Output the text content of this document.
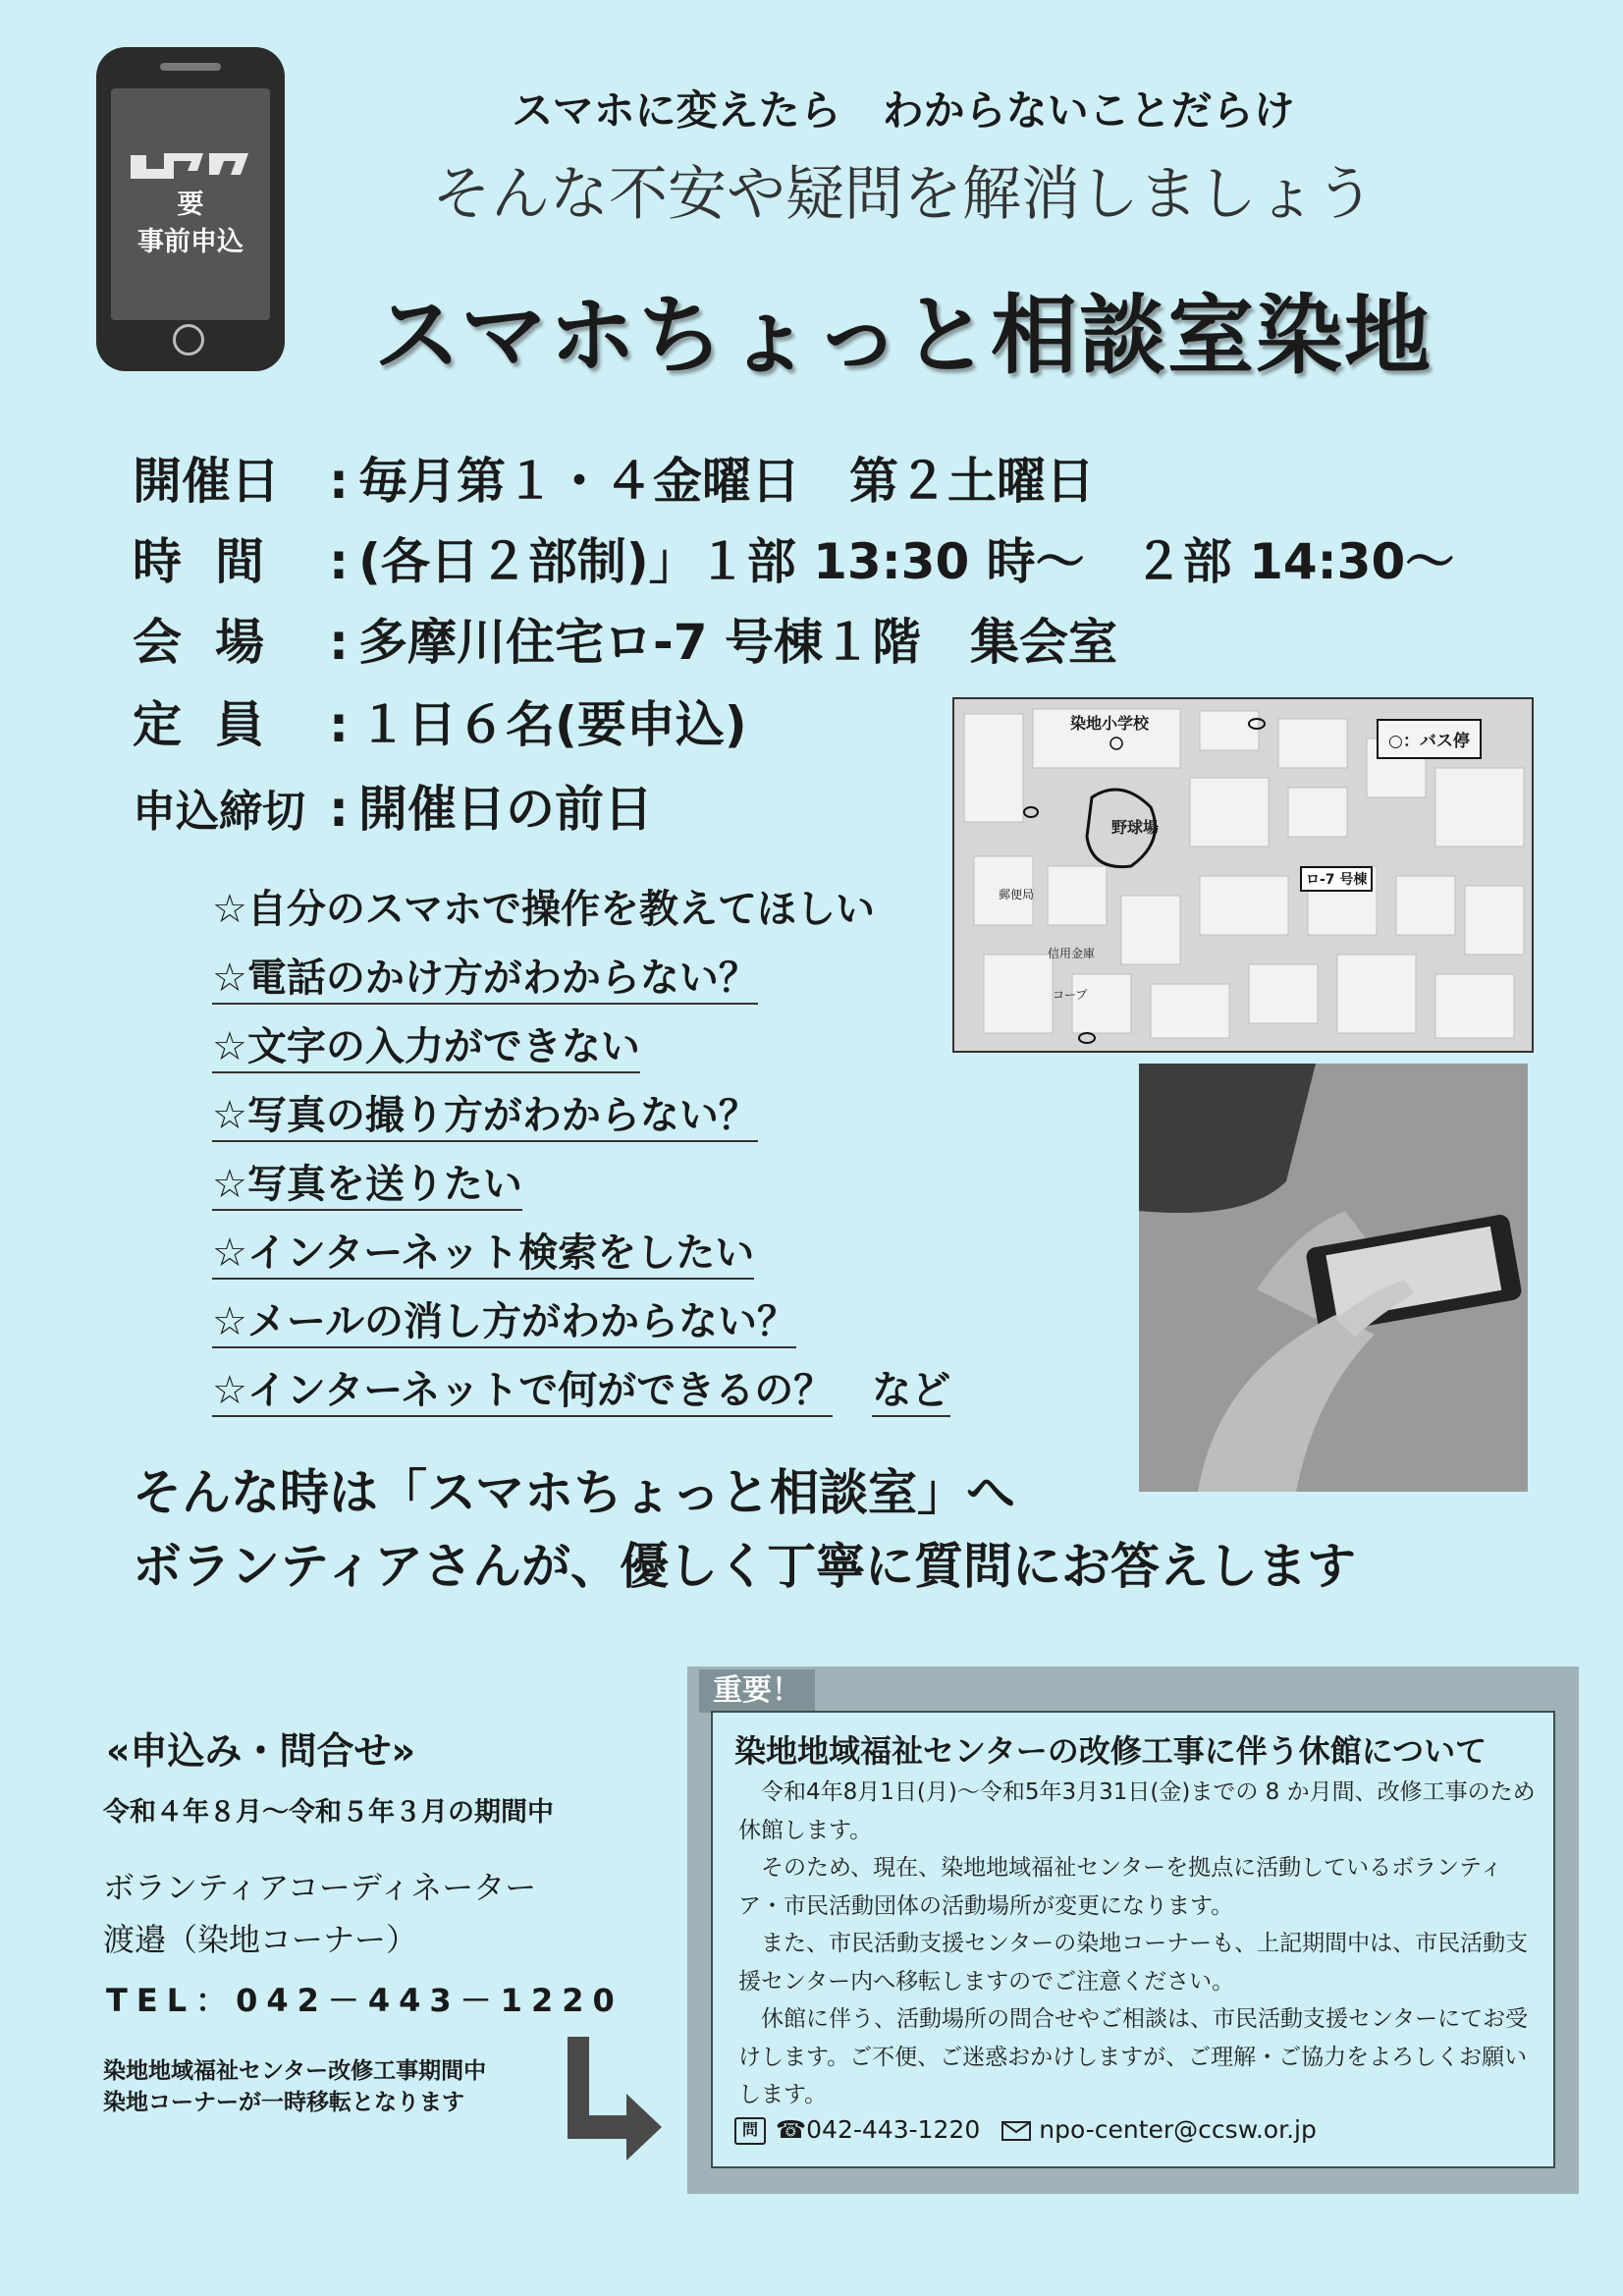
要
事前申込
スマホに変えたら　わからないことだらけ
そんな不安や疑問を解消しましょう
スマホちょっと相談室染地
開催日 : 毎月第１・４金曜日　第２土曜日
時間 : (各日２部制)」１部 13:30 時～　２部 14:30～
会場 : 多摩川住宅ロ-7 号棟１階　集会室
定員 : １日６名(要申込)
申込締切 : 開催日の前日
染地小学校
野球場
ロ-7 号棟
郵便局
信用金庫
コープ
○：バス停
☆自分のスマホで操作を教えてほしい
☆電話のかけ方がわからない？
☆文字の入力ができない
☆写真の撮り方がわからない？
☆写真を送りたい
☆インターネット検索をしたい
☆メールの消し方がわからない？
☆インターネットで何ができるの？ など
そんな時は「スマホちょっと相談室」へ
ボランティアさんが、優しく丁寧に質問にお答えします
«申込み・問合せ»
令和４年８月～令和５年３月の期間中
ボランティアコーディネーター
渡邉（染地コーナー）
TEL：042－443－1220
染地地域福祉センター改修工事期間中
染地コーナーが一時移転となります
重要！
染地地域福祉センターの改修工事に伴う休館について

令和4年8月1日(月)～令和5年3月31日(金)までの 8 か月間、改修工事のため休館します。

そのため、現在、染地地域福祉センターを拠点に活動しているボランティア・市民活動団体の活動場所が変更になります。

また、市民活動支援センターの染地コーナーも、上記期間中は、市民活動支援センター内へ移転しますのでご注意ください。

休館に伴う、活動場所の問合せやご相談は、市民活動支援センターにてお受けします。ご不便、ご迷惑おかけしますが、ご理解・ご協力をよろしくお願いします。

問 ☎042-443-1220 npo-center@ccsw.or.jp
